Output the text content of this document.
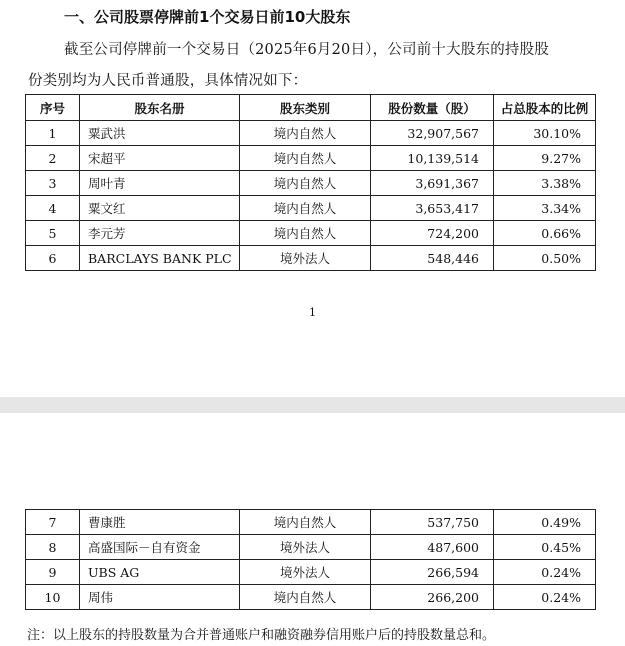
一、公司股票停牌前1个交易日前10大股东
截至公司停牌前一个交易日（2025年6月20日），公司前十大股东的持股股
份类别均为人民币普通股，具体情况如下：
序号	股东名册	股东类别	股份数量（股）	占总股本的比例
1	粟武洪	境内自然人	32,907,567	30.10%
2	宋超平	境内自然人	10,139,514	9.27%
3	周叶青	境内自然人	3,691,367	3.38%
4	粟文红	境内自然人	3,653,417	3.34%
5	李元芳	境内自然人	724,200	0.66%
6	BARCLAYS BANK PLC	境外法人	548,446	0.50%
1
7	曹康胜	境内自然人	537,750	0.49%
8	高盛国际－自有资金	境外法人	487,600	0.45%
9	UBS AG	境外法人	266,594	0.24%
10	周伟	境内自然人	266,200	0.24%
注：以上股东的持股数量为合并普通账户和融资融券信用账户后的持股数量总和。
